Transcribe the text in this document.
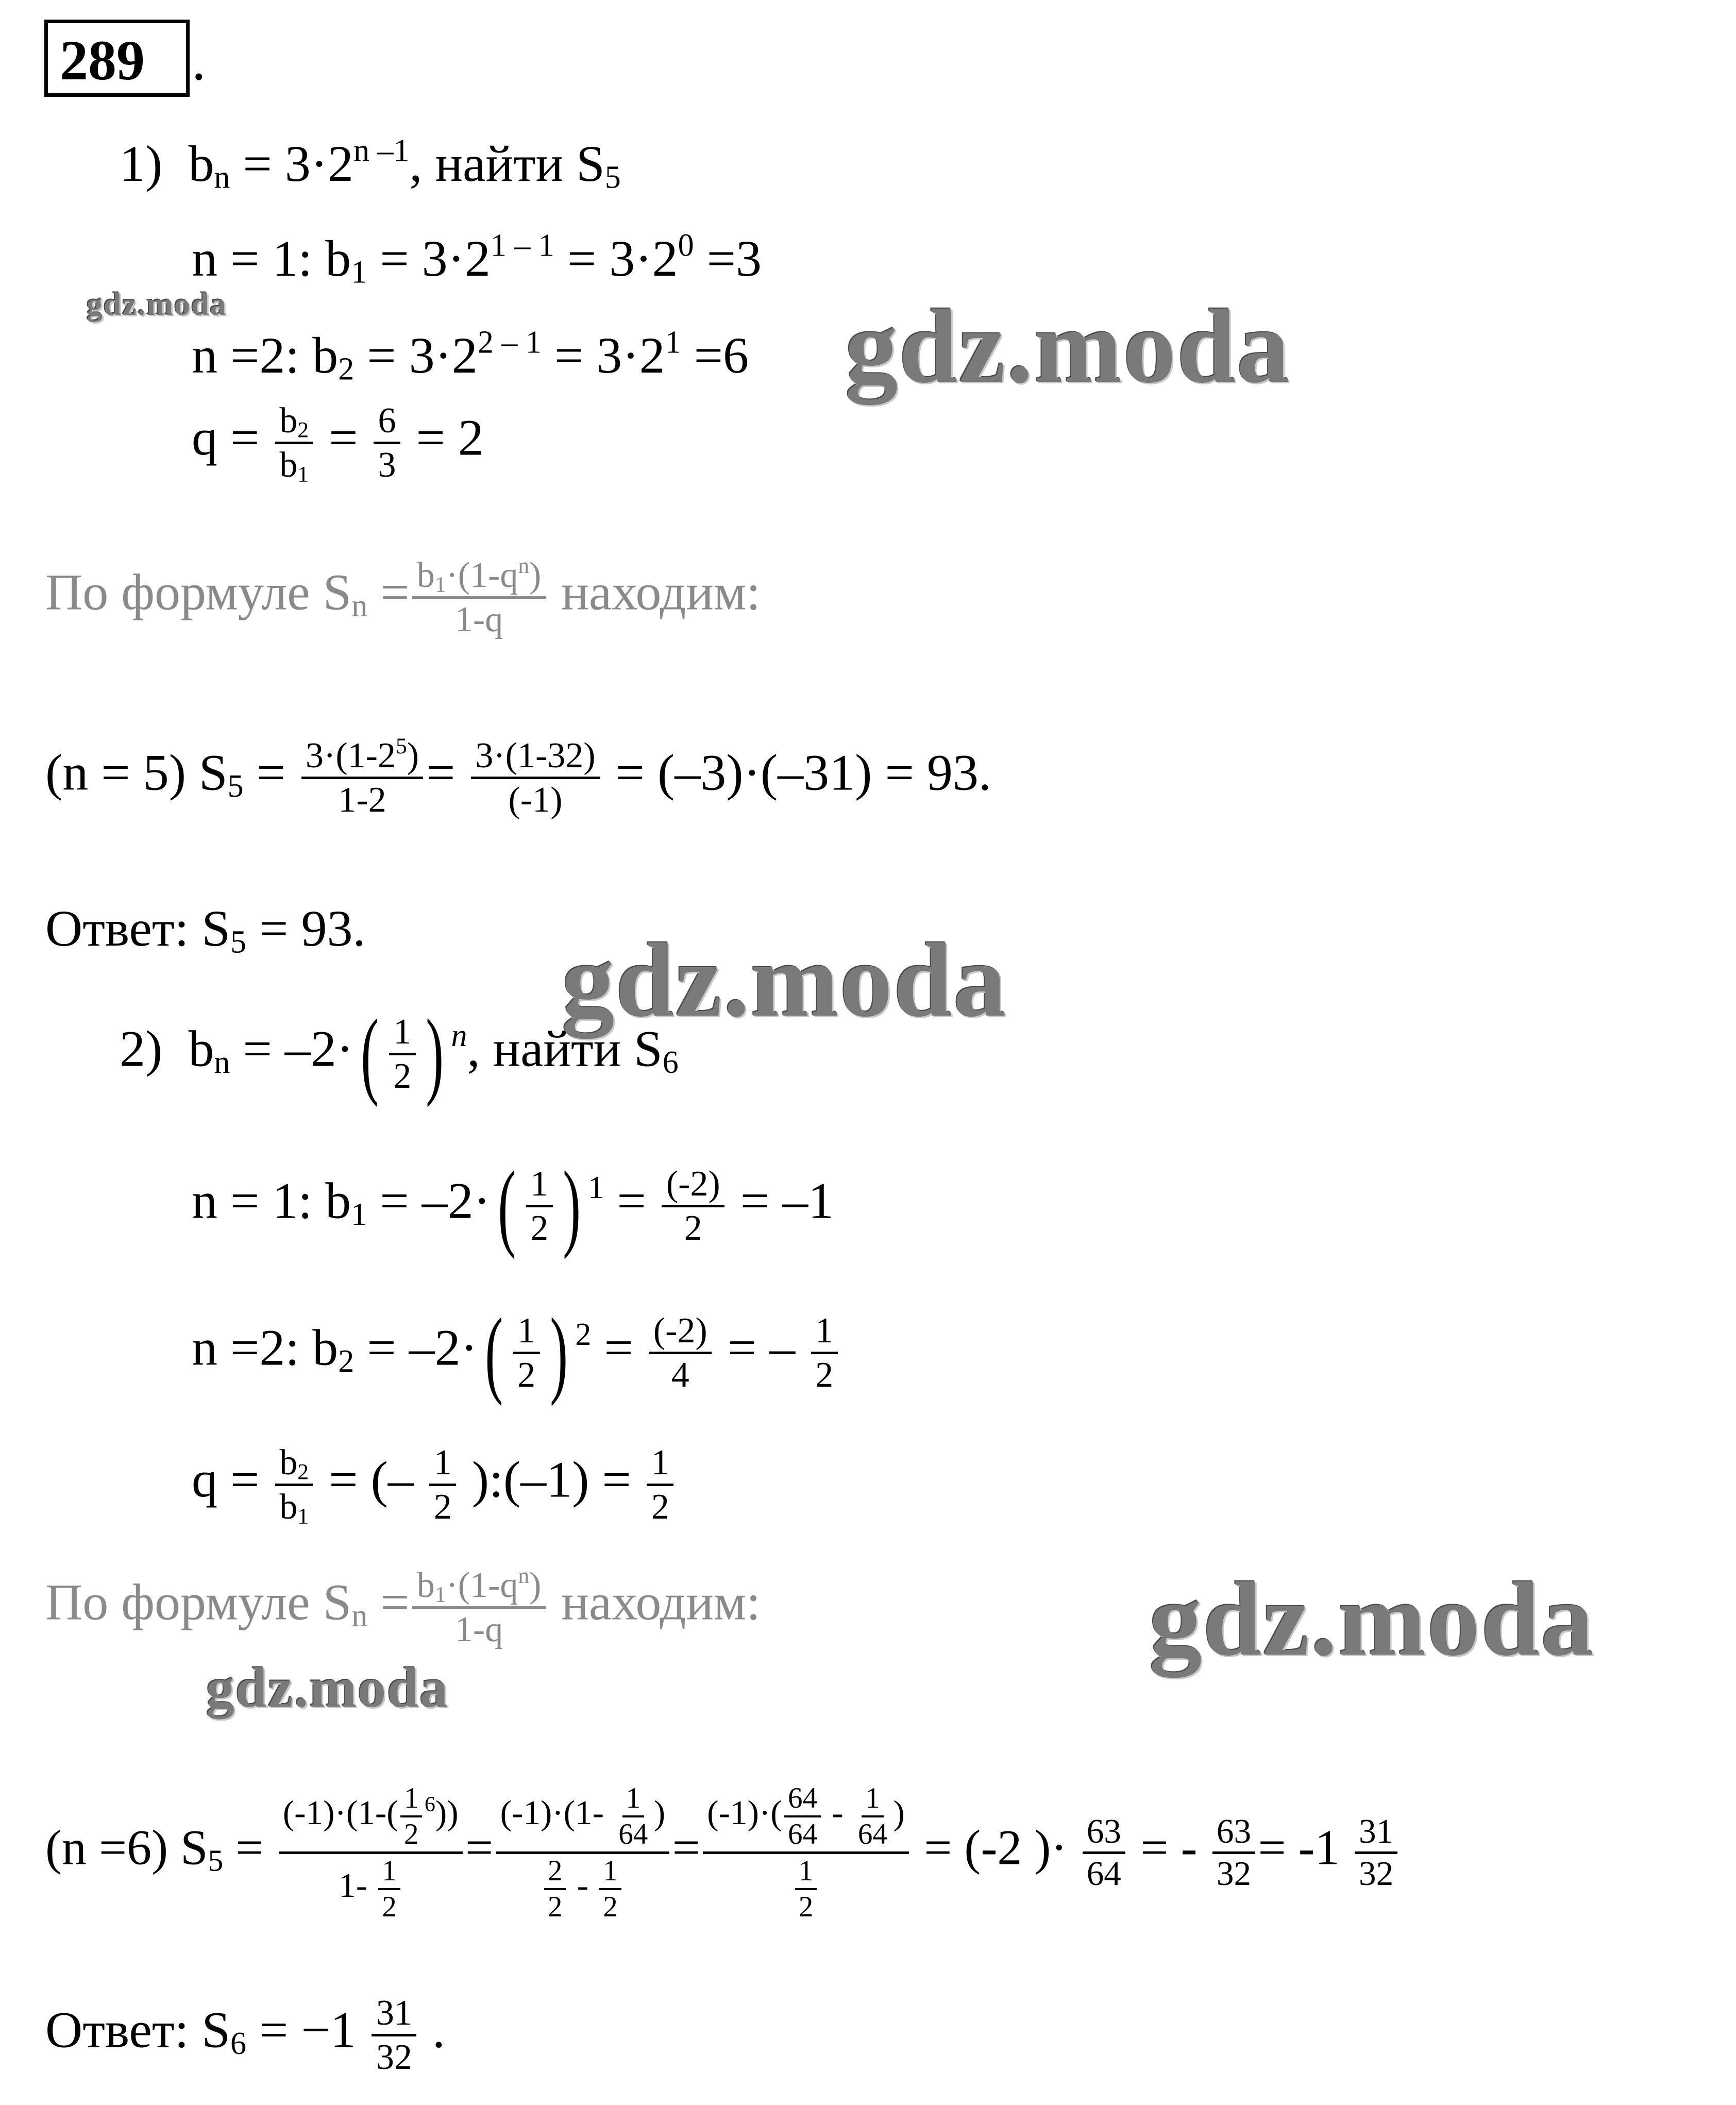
289 .
1) $b_n = 3\cdot 2^{n -1}$, найти $S_5$
n = 1: $b_1 = 3\cdot 2^{1 - 1} = 3\cdot 2^0 =3$
n =2: $b_2 = 3\cdot 2^{2 - 1} = 3\cdot 2^1 =6$
$q = \frac{b_2}{b_1} = \frac{6}{3} = 2$
По формуле $S_n = \frac{b_1\cdot(1-q^n)}{1-q}$ находим:
(n = 5) $S_5 = \frac{3\cdot(1-2^5)}{1-2} = \frac{3\cdot(1-32)}{(-1)} = (-3)\cdot(-31) = 93$.
Ответ: $S_5 = 93$.
2) $b_n = -2\cdot( \frac{1}{2}$ ) $^n$, найти $S_6$
n = 1: $b_1 = -2\cdot( \frac{1}{2}$ ) $^1 = \frac{(-2)}{2} = -1$
n =2: $b_2 = -2\cdot( \frac{1}{2}$ ) $^2 = \frac{(-2)}{4}$ = – $\frac{1}{2}$
$q = \frac{b_2}{b_1}$ = (– $\frac{1}{2}$ ):(–1) = $\frac{1}{2}$
По формуле $S_n = \frac{b_1\cdot(1-q^n)}{1-q}$ находим:
(n =6) $S_5 = \frac{(-1)\cdot(1-( \frac{1}{2} ^6))}{1- \frac{1}{2}} = \frac{(-1)\cdot(1- \frac{1}{64} )}{\frac{2}{2} - \frac{1}{2}} = \frac{(-1)\cdot( \frac{64}{64} - \frac{1}{64} )}{\frac{1}{2}} = (-2$ )· $\frac{63}{64}$ = - $\frac{63}{32} = -1 \frac{31}{32}$
Ответ: $S_6 = -1 \frac{31}{32}$ .
gdz.moda	gdz.moda
gdz.moda
gdz.moda
gdz.moda
